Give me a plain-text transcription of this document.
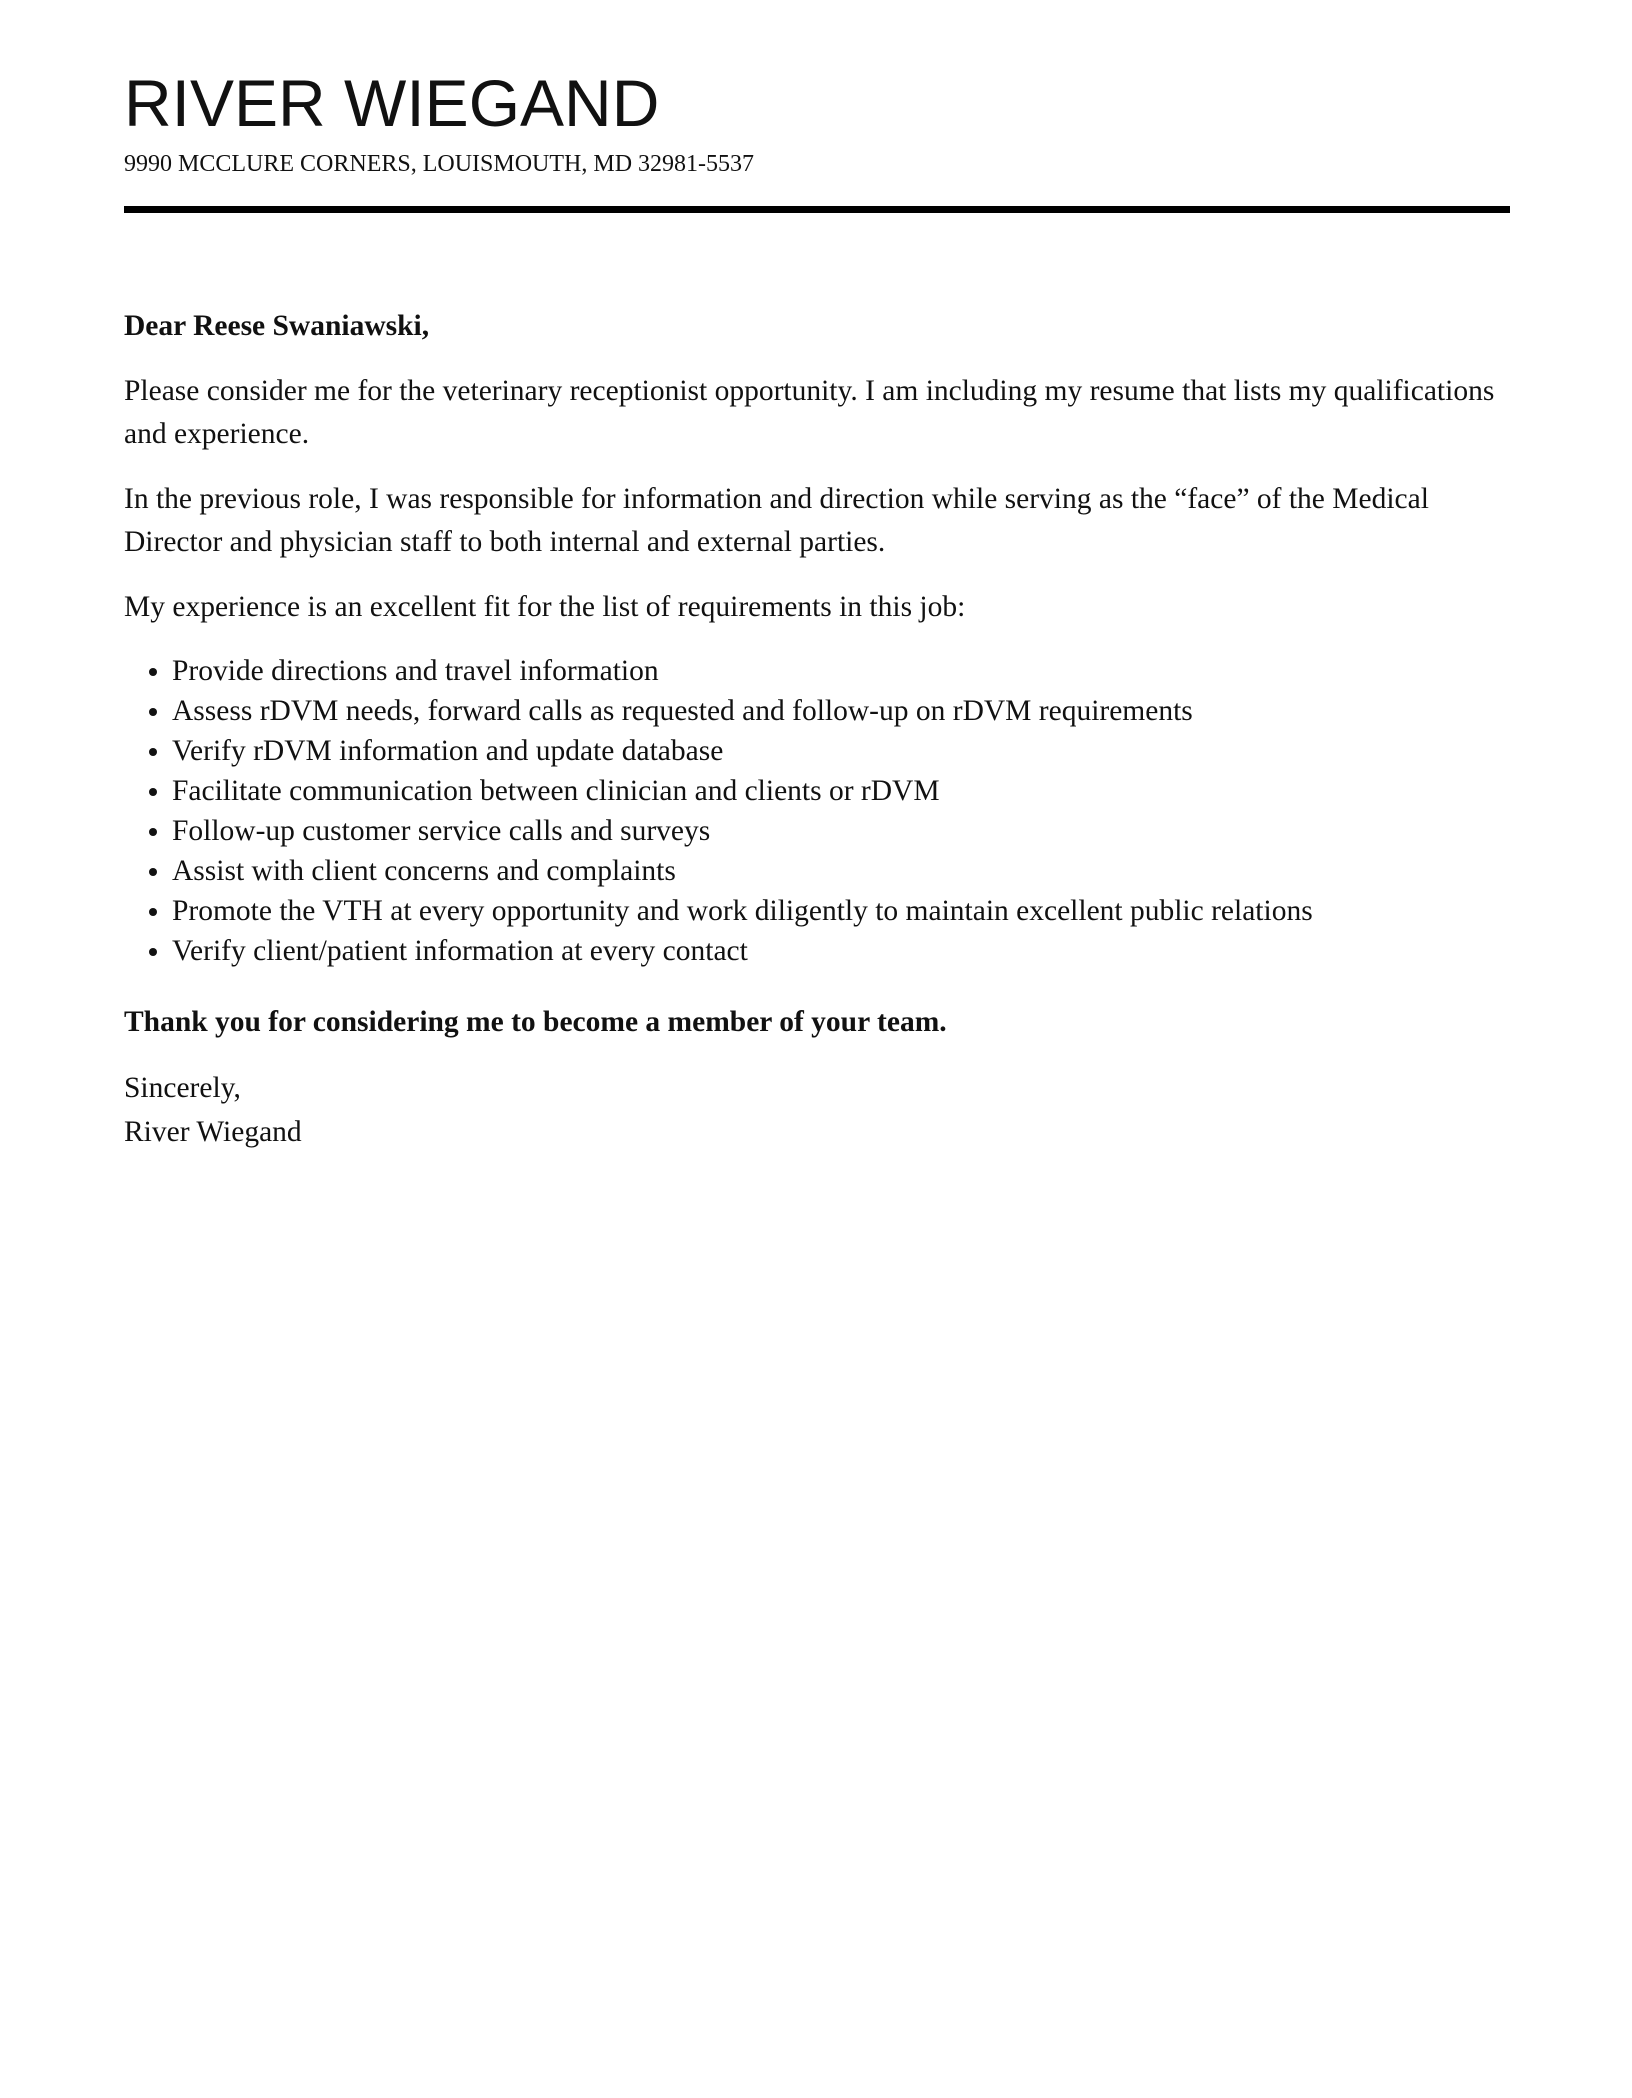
RIVER WIEGAND

9990 MCCLURE CORNERS, LOUISMOUTH, MD 32981-5537

Dear Reese Swaniawski,

Please consider me for the veterinary receptionist opportunity. I am including my resume that lists my qualifications and experience.

In the previous role, I was responsible for information and direction while serving as the “face” of the Medical Director and physician staff to both internal and external parties.

My experience is an excellent fit for the list of requirements in this job:

• Provide directions and travel information
• Assess rDVM needs, forward calls as requested and follow-up on rDVM requirements
• Verify rDVM information and update database
• Facilitate communication between clinician and clients or rDVM
• Follow-up customer service calls and surveys
• Assist with client concerns and complaints
• Promote the VTH at every opportunity and work diligently to maintain excellent public relations
• Verify client/patient information at every contact

Thank you for considering me to become a member of your team.

Sincerely,
River Wiegand
